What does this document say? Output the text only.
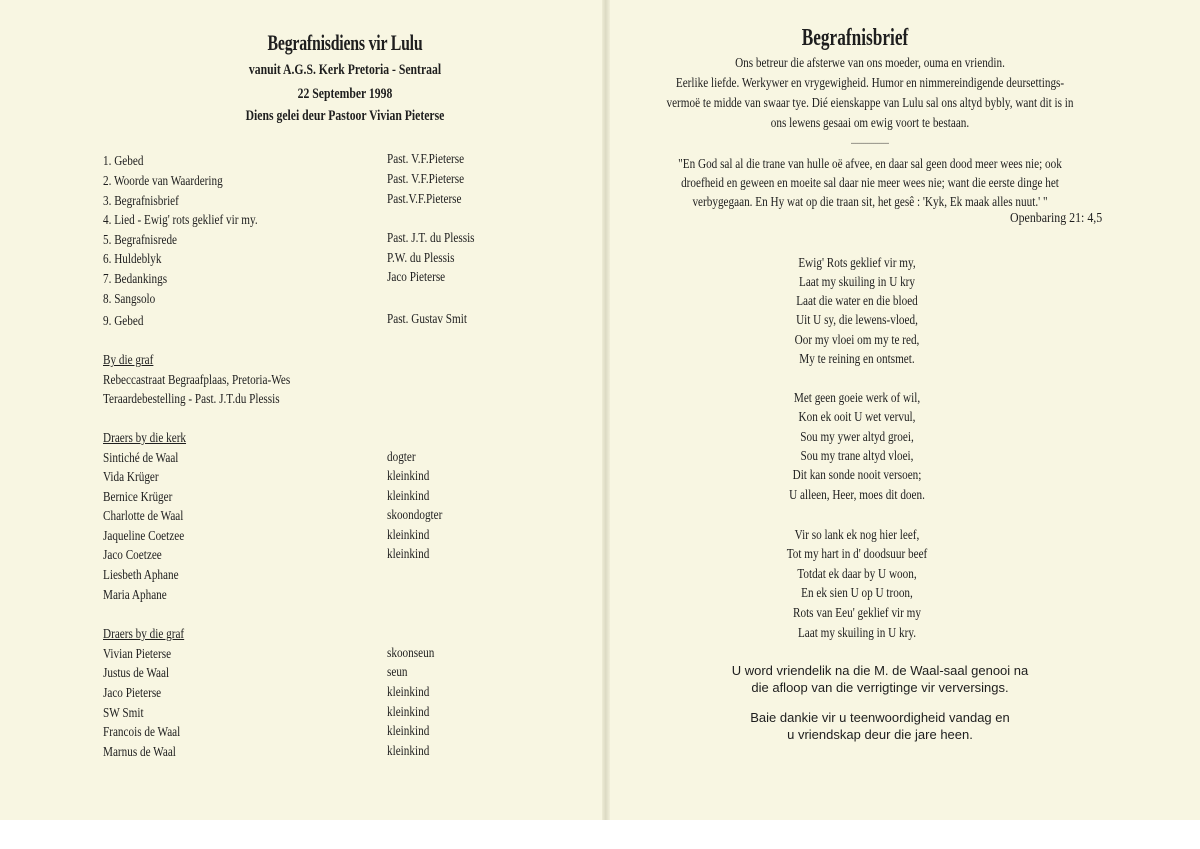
Begrafnisdiens vir Lulu
vanuit A.G.S. Kerk Pretoria - Sentraal
22 September 1998
Diens gelei deur Pastoor Vivian Pieterse
1. Gebed	Past. V.F.Pieterse
2. Woorde van Waardering	Past. V.F.Pieterse
3. Begrafnisbrief	Past.V.F.Pieterse
4. Lied - Ewig' rots geklief vir my.
5. Begrafnisrede	Past. J.T. du Plessis
6. Huldeblyk	P.W. du Plessis
7. Bedankings	Jaco Pieterse
8. Sangsolo
9. Gebed	Past. Gustav Smit
By die graf
Rebeccastraat Begraafplaas, Pretoria-Wes
Teraardebestelling - Past. J.T.du Plessis
Draers by die kerk
Sintiché de Waal	dogter
Vida Krüger	kleinkind
Bernice Krüger	kleinkind
Charlotte de Waal	skoondogter
Jaqueline Coetzee	kleinkind
Jaco Coetzee	kleinkind
Liesbeth Aphane
Maria Aphane
Draers by die graf
Vivian Pieterse	skoonseun
Justus de Waal	seun
Jaco Pieterse	kleinkind
SW Smit	kleinkind
Francois de Waal	kleinkind
Marnus de Waal	kleinkind
Begrafnisbrief
Ons betreur die afsterwe van ons moeder, ouma en vriendin.
Eerlike liefde. Werkywer en vrygewigheid. Humor en nimmereindigende deursettings-
vermoë te midde van swaar tye. Dié eienskappe van Lulu sal ons altyd bybly, want dit is in
ons lewens gesaai om ewig voort te bestaan.
...................
"En God sal al die trane van hulle oë afvee, en daar sal geen dood meer wees nie; ook
droefheid en geween en moeite sal daar nie meer wees nie; want die eerste dinge het
verbygegaan. En Hy wat op die traan sit, het gesê : 'Kyk, Ek maak alles nuut.' "
Openbaring 21: 4,5
Ewig' Rots geklief vir my,
Laat my skuiling in U kry
Laat die water en die bloed
Uit U sy, die lewens-vloed,
Oor my vloei om my te red,
My te reining en ontsmet.
Met geen goeie werk of wil,
Kon ek ooit U wet vervul,
Sou my ywer altyd groei,
Sou my trane altyd vloei,
Dit kan sonde nooit versoen;
U alleen, Heer, moes dit doen.
Vir so lank ek nog hier leef,
Tot my hart in d' doodsuur beef
Totdat ek daar by U woon,
En ek sien U op U troon,
Rots van Eeu' geklief vir my
Laat my skuiling in U kry.
U word vriendelik na die M. de Waal-saal genooi na
die afloop van die verrigtinge vir verversings.
Baie dankie vir u teenwoordigheid vandag en
u vriendskap deur die jare heen.
